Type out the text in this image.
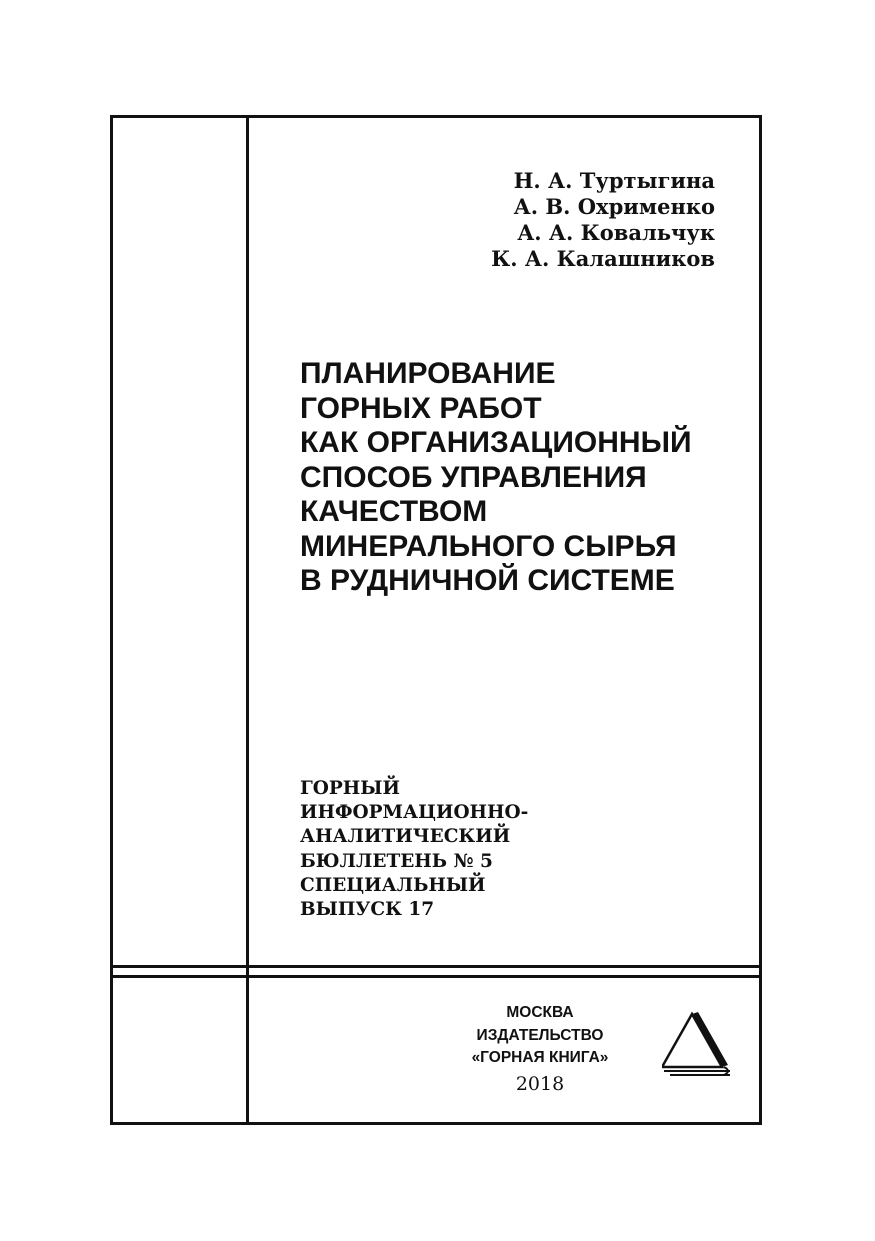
Н. А. Туртыгина
А. В. Охрименко
А. А. Ковальчук
К. А. Калашников
ПЛАНИРОВАНИЕ
ГОРНЫХ РАБОТ
КАК ОРГАНИЗАЦИОННЫЙ
СПОСОБ УПРАВЛЕНИЯ
КАЧЕСТВОМ
МИНЕРАЛЬНОГО СЫРЬЯ
В РУДНИЧНОЙ СИСТЕМЕ
ГОРНЫЙ
ИНФОРМАЦИОННО-
АНАЛИТИЧЕСКИЙ
БЮЛЛЕТЕНЬ № 5
СПЕЦИАЛЬНЫЙ
ВЫПУСК 17
МОСКВА
ИЗДАТЕЛЬСТВО
«ГОРНАЯ КНИГА»
2018
